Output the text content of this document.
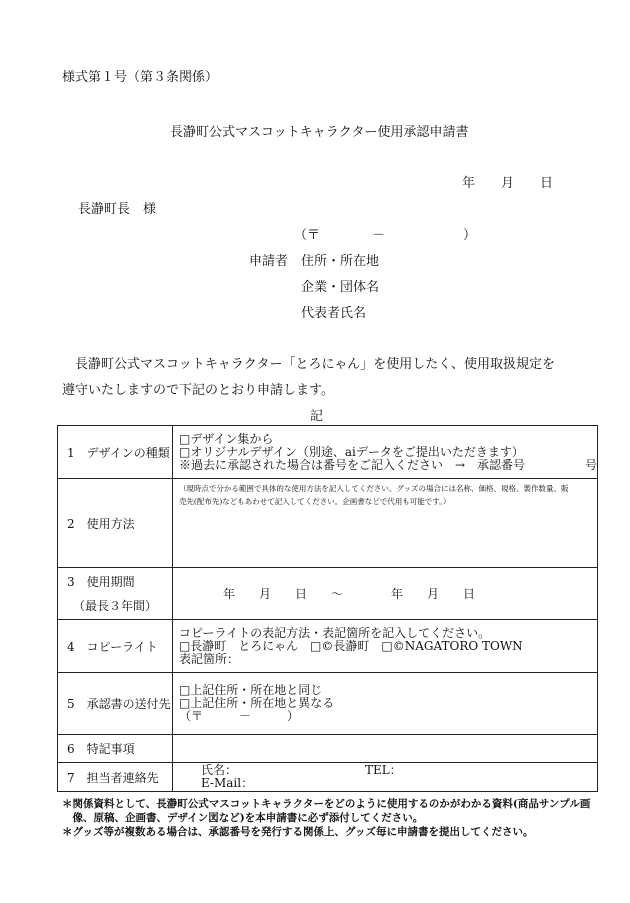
様式第１号（第３条関係）
長瀞町公式マスコットキャラクター使用承認申請書
年　　月　　日
長瀞町長　様
（〒　　　　－　　　　　　）
申請者 住所・所在地
企業・団体名
代表者氏名
長瀞町公式マスコットキャラクター「とろにゃん」を使用したく、使用取扱規定を
遵守いたしますので下記のとおり申請します。
記
1　デザインの種類	□デザイン集から
□オリジナルデザイン（別途、aiデータをご提出いただきます）
※過去に承認された場合は番号をご記入ください　→　承認番号　　　　　号

2　使用方法	（現時点で分かる範囲で具体的な使用方法を記入してください。グッズの場合には名称、価格、規格、製作数量、販
売先(配布先)などもあわせて記入してください。企画書などで代用も可能です。）

3　使用期間
（最長３年間）	年　　月　　日　　～　　　　年　　月　　日
4　コピーライト	コピーライトの表記方法・表記箇所を記入してください。
□長瀞町　とろにゃん　□©長瀞町　□©NAGATORO TOWN
表記箇所：

5　承認書の送付先	□上記住所・所在地と同じ
□上記住所・所在地と異なる
（〒　　　－　　　）

6　特記事項	
7　担当者連絡先	氏名： TEL：
E-Mail：
＊関係資料として、長瀞町公式マスコットキャラクターをどのように使用するのかがわかる資料(商品サンプル画
　像、原稿、企画書、デザイン図など)を本申請書に必ず添付してください。
＊グッズ等が複数ある場合は、承認番号を発行する関係上、グッズ毎に申請書を提出してください。
